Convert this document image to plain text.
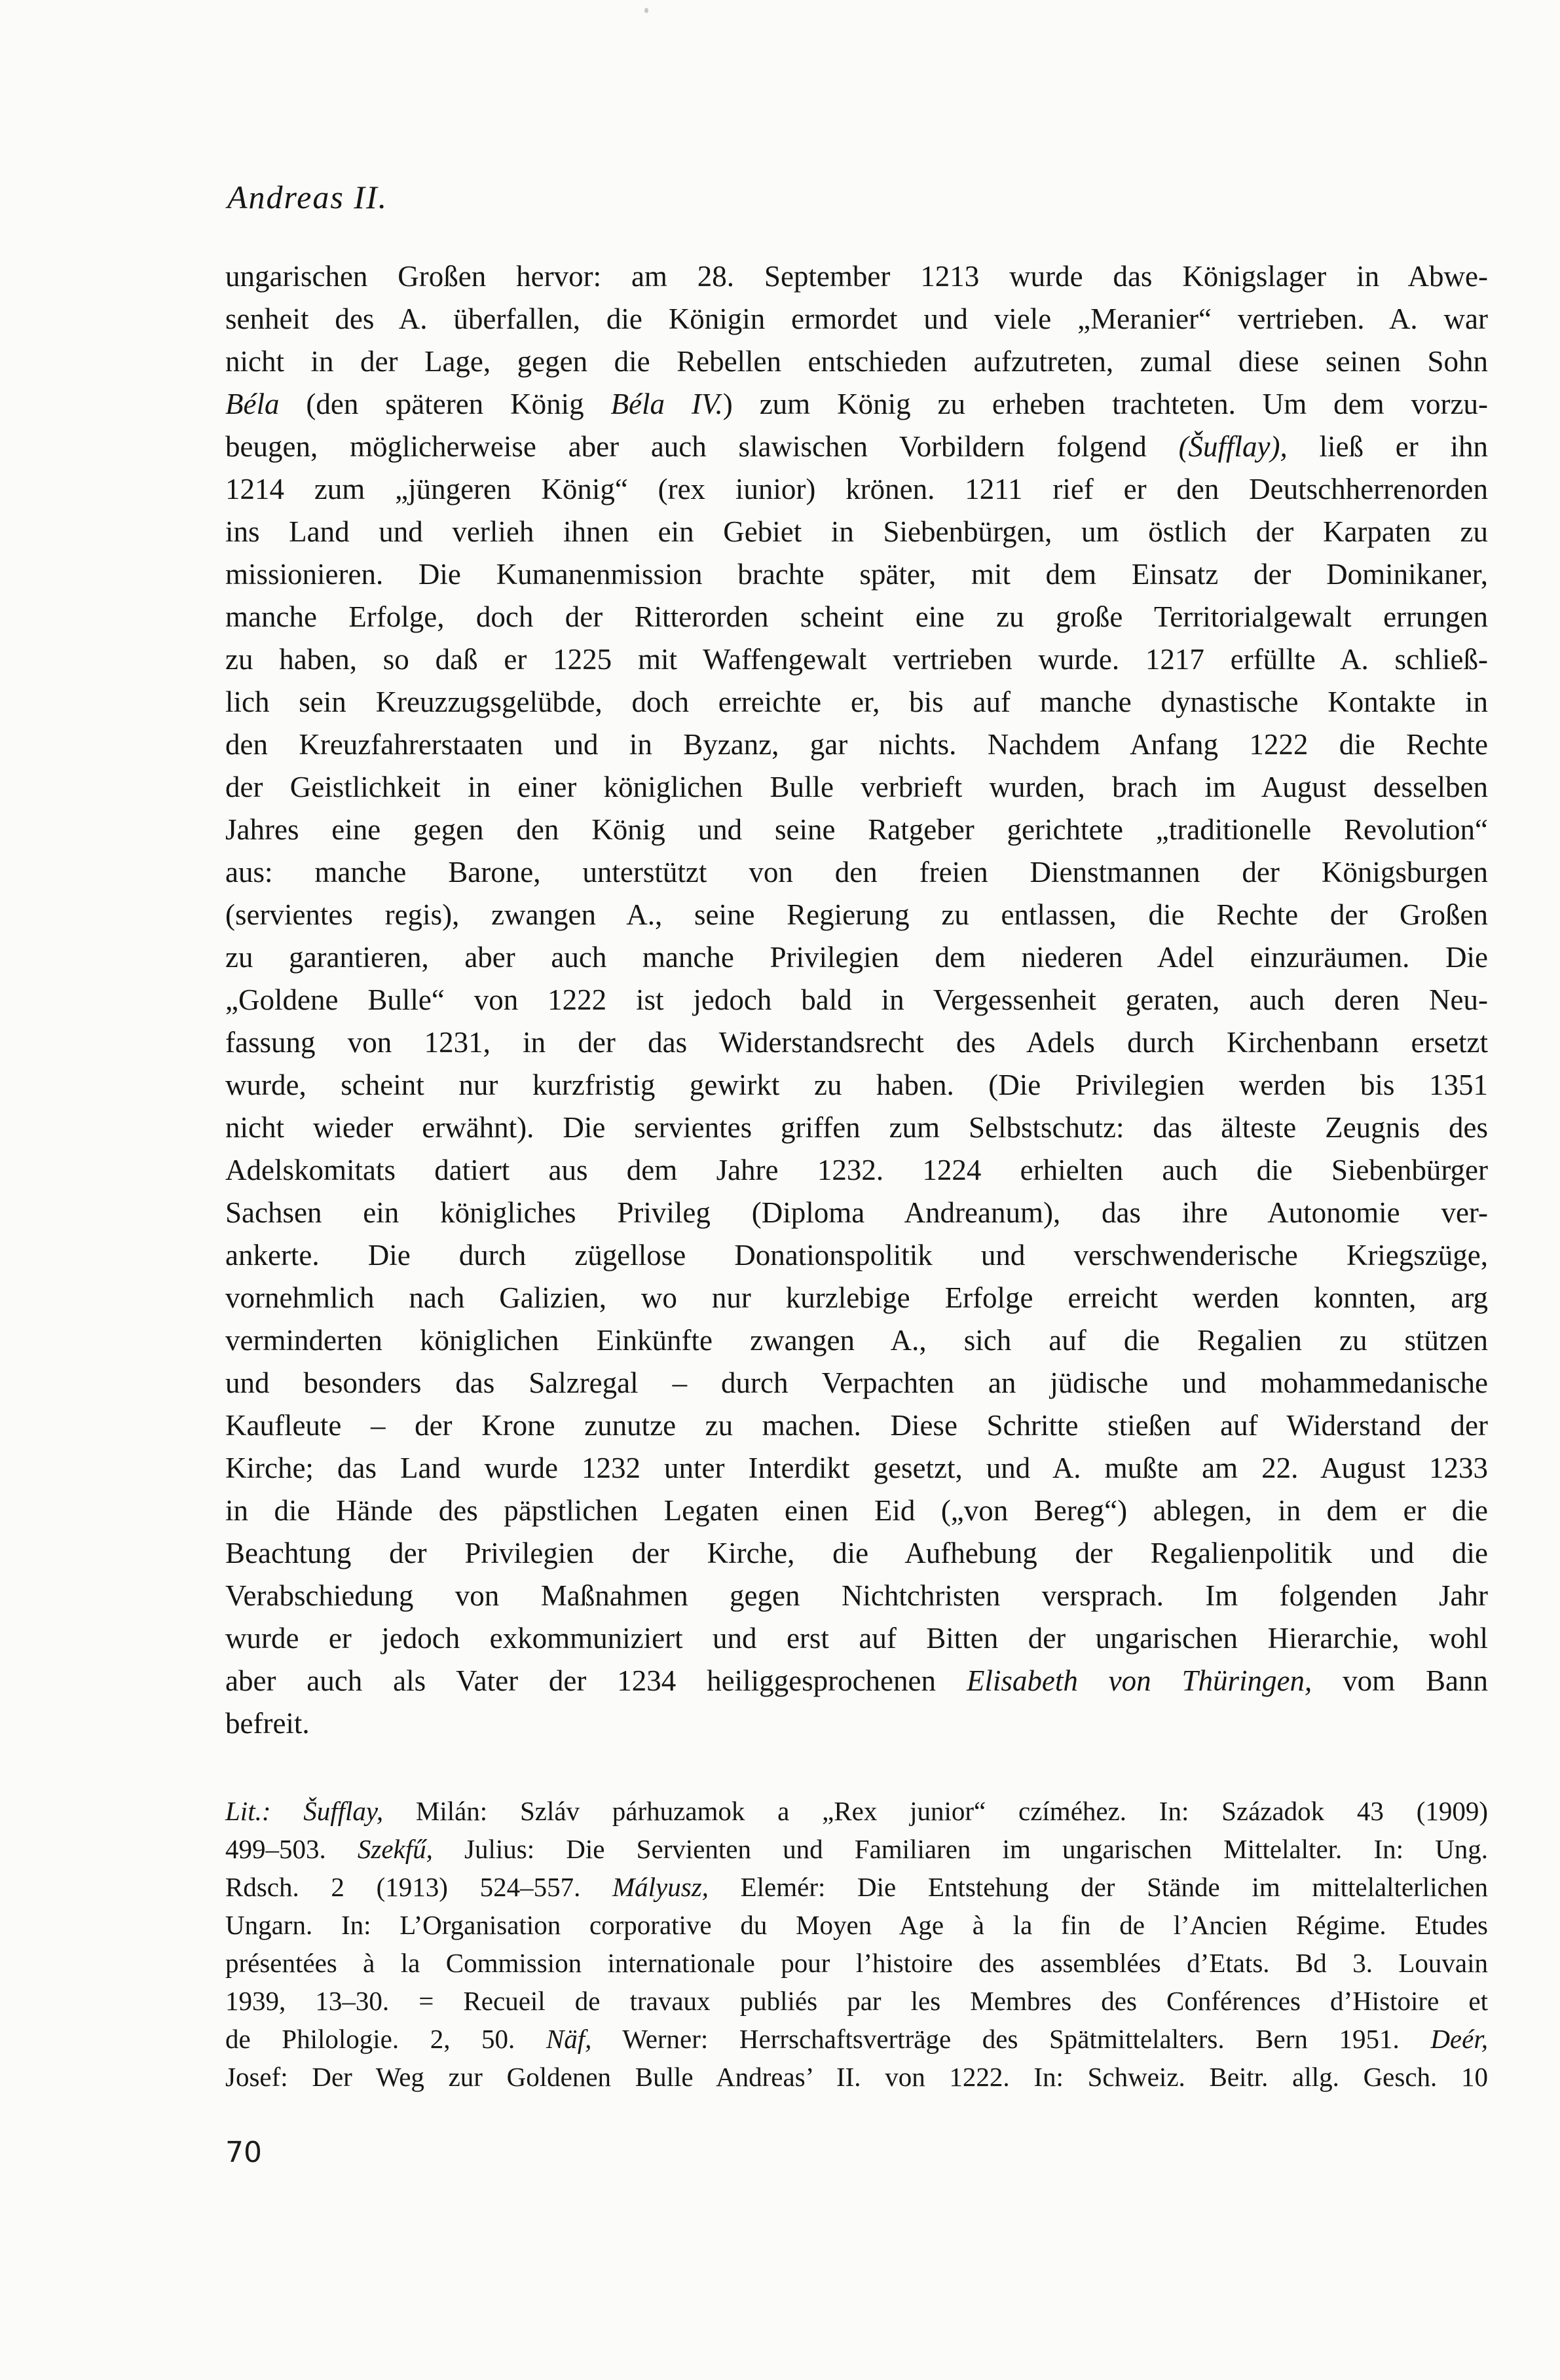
Andreas II.
ungarischen Großen hervor: am 28. September 1213 wurde das Königslager in Abwe-
senheit des A. überfallen, die Königin ermordet und viele „Meranier“ vertrieben. A. war
nicht in der Lage, gegen die Rebellen entschieden aufzutreten, zumal diese seinen Sohn
Béla (den späteren König Béla IV.) zum König zu erheben trachteten. Um dem vorzu-
beugen, möglicherweise aber auch slawischen Vorbildern folgend (Šufflay), ließ er ihn
1214 zum „jüngeren König“ (rex iunior) krönen. 1211 rief er den Deutschherrenorden
ins Land und verlieh ihnen ein Gebiet in Siebenbürgen, um östlich der Karpaten zu
missionieren. Die Kumanenmission brachte später, mit dem Einsatz der Dominikaner,
manche Erfolge, doch der Ritterorden scheint eine zu große Territorialgewalt errungen
zu haben, so daß er 1225 mit Waffengewalt vertrieben wurde. 1217 erfüllte A. schließ-
lich sein Kreuzzugsgelübde, doch erreichte er, bis auf manche dynastische Kontakte in
den Kreuzfahrerstaaten und in Byzanz, gar nichts. Nachdem Anfang 1222 die Rechte
der Geistlichkeit in einer königlichen Bulle verbrieft wurden, brach im August desselben
Jahres eine gegen den König und seine Ratgeber gerichtete „traditionelle Revolution“
aus: manche Barone, unterstützt von den freien Dienstmannen der Königsburgen
(servientes regis), zwangen A., seine Regierung zu entlassen, die Rechte der Großen
zu garantieren, aber auch manche Privilegien dem niederen Adel einzuräumen. Die
„Goldene Bulle“ von 1222 ist jedoch bald in Vergessenheit geraten, auch deren Neu-
fassung von 1231, in der das Widerstandsrecht des Adels durch Kirchenbann ersetzt
wurde, scheint nur kurzfristig gewirkt zu haben. (Die Privilegien werden bis 1351
nicht wieder erwähnt). Die servientes griffen zum Selbstschutz: das älteste Zeugnis des
Adelskomitats datiert aus dem Jahre 1232. 1224 erhielten auch die Siebenbürger
Sachsen ein königliches Privileg (Diploma Andreanum), das ihre Autonomie ver-
ankerte. Die durch zügellose Donationspolitik und verschwenderische Kriegszüge,
vornehmlich nach Galizien, wo nur kurzlebige Erfolge erreicht werden konnten, arg
verminderten königlichen Einkünfte zwangen A., sich auf die Regalien zu stützen
und besonders das Salzregal – durch Verpachten an jüdische und mohammedanische
Kaufleute – der Krone zunutze zu machen. Diese Schritte stießen auf Widerstand der
Kirche; das Land wurde 1232 unter Interdikt gesetzt, und A. mußte am 22. August 1233
in die Hände des päpstlichen Legaten einen Eid („von Bereg“) ablegen, in dem er die
Beachtung der Privilegien der Kirche, die Aufhebung der Regalienpolitik und die
Verabschiedung von Maßnahmen gegen Nichtchristen versprach. Im folgenden Jahr
wurde er jedoch exkommuniziert und erst auf Bitten der ungarischen Hierarchie, wohl
aber auch als Vater der 1234 heiliggesprochenen Elisabeth von Thüringen, vom Bann
befreit.
Lit.: Šufflay, Milán: Szláv párhuzamok a „Rex junior“ czíméhez. In: Századok 43 (1909)
499–503. Szekfű, Julius: Die Servienten und Familiaren im ungarischen Mittelalter. In: Ung.
Rdsch. 2 (1913) 524–557. Mályusz, Elemér: Die Entstehung der Stände im mittelalterlichen
Ungarn. In: L’Organisation corporative du Moyen Age à la fin de l’Ancien Régime. Etudes
présentées à la Commission internationale pour l’histoire des assemblées d’Etats. Bd 3. Louvain
1939, 13–30. = Recueil de travaux publiés par les Membres des Conférences d’Histoire et
de Philologie. 2, 50. Näf, Werner: Herrschaftsverträge des Spätmittelalters. Bern 1951. Deér,
Josef: Der Weg zur Goldenen Bulle Andreas’ II. von 1222. In: Schweiz. Beitr. allg. Gesch. 10
70
